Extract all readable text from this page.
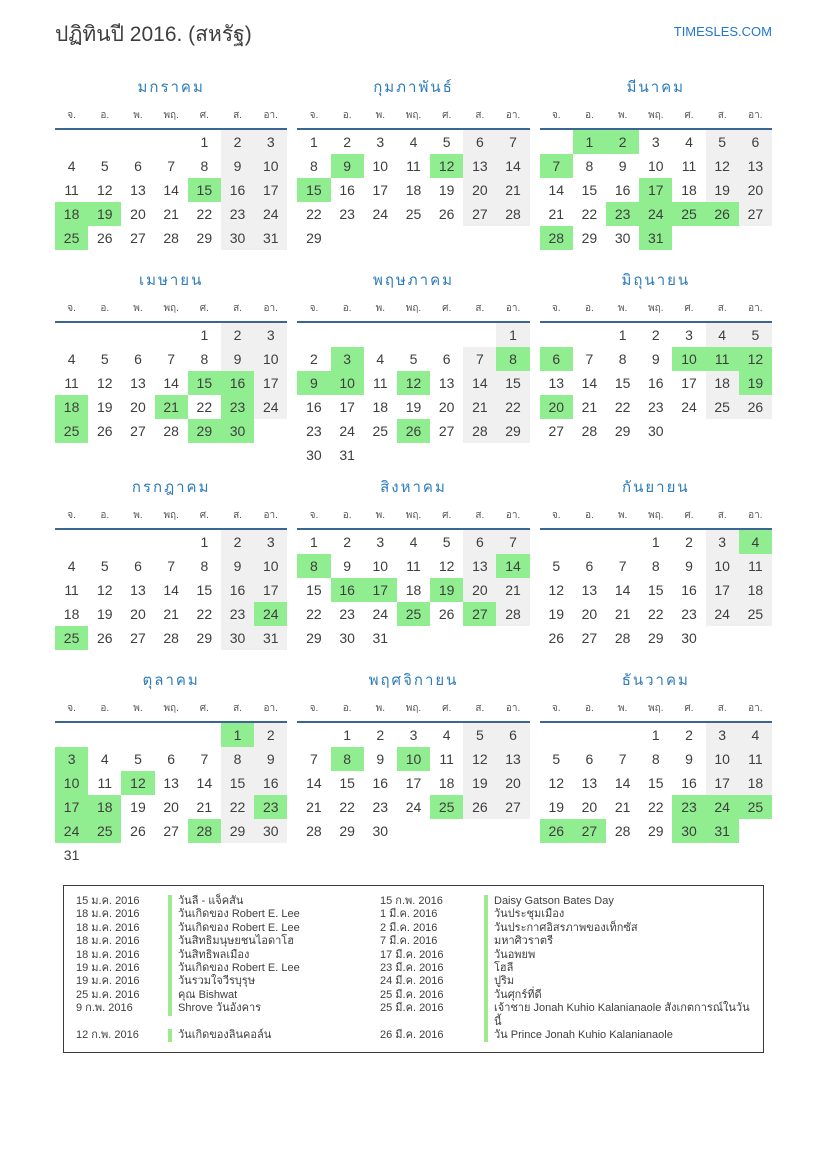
ปฏิทินปี 2016. (สหรัฐ)	TIMESLES.COM
มกราคม
จ.	อ.	พ.	พฤ.	ศ.	ส.	อา.
				1	2	3
4	5	6	7	8	9	10
11	12	13	14	15	16	17
18	19	20	21	22	23	24
25	26	27	28	29	30	31
กุมภาพันธ์
จ.	อ.	พ.	พฤ.	ศ.	ส.	อา.
1	2	3	4	5	6	7
8	9	10	11	12	13	14
15	16	17	18	19	20	21
22	23	24	25	26	27	28
29						
มีนาคม
จ.	อ.	พ.	พฤ.	ศ.	ส.	อา.
	1	2	3	4	5	6
7	8	9	10	11	12	13
14	15	16	17	18	19	20
21	22	23	24	25	26	27
28	29	30	31			
เมษายน
จ.	อ.	พ.	พฤ.	ศ.	ส.	อา.
				1	2	3
4	5	6	7	8	9	10
11	12	13	14	15	16	17
18	19	20	21	22	23	24
25	26	27	28	29	30	
พฤษภาคม
จ.	อ.	พ.	พฤ.	ศ.	ส.	อา.
						1
2	3	4	5	6	7	8
9	10	11	12	13	14	15
16	17	18	19	20	21	22
23	24	25	26	27	28	29
30	31					
มิถุนายน
จ.	อ.	พ.	พฤ.	ศ.	ส.	อา.
		1	2	3	4	5
6	7	8	9	10	11	12
13	14	15	16	17	18	19
20	21	22	23	24	25	26
27	28	29	30			
กรกฎาคม
จ.	อ.	พ.	พฤ.	ศ.	ส.	อา.
				1	2	3
4	5	6	7	8	9	10
11	12	13	14	15	16	17
18	19	20	21	22	23	24
25	26	27	28	29	30	31
สิงหาคม
จ.	อ.	พ.	พฤ.	ศ.	ส.	อา.
1	2	3	4	5	6	7
8	9	10	11	12	13	14
15	16	17	18	19	20	21
22	23	24	25	26	27	28
29	30	31				
กันยายน
จ.	อ.	พ.	พฤ.	ศ.	ส.	อา.
			1	2	3	4
5	6	7	8	9	10	11
12	13	14	15	16	17	18
19	20	21	22	23	24	25
26	27	28	29	30		
ตุลาคม
จ.	อ.	พ.	พฤ.	ศ.	ส.	อา.
					1	2
3	4	5	6	7	8	9
10	11	12	13	14	15	16
17	18	19	20	21	22	23
24	25	26	27	28	29	30
31						
พฤศจิกายน
จ.	อ.	พ.	พฤ.	ศ.	ส.	อา.
	1	2	3	4	5	6
7	8	9	10	11	12	13
14	15	16	17	18	19	20
21	22	23	24	25	26	27
28	29	30				
ธันวาคม
จ.	อ.	พ.	พฤ.	ศ.	ส.	อา.
			1	2	3	4
5	6	7	8	9	10	11
12	13	14	15	16	17	18
19	20	21	22	23	24	25
26	27	28	29	30	31	
15 ม.ค. 2016	วันลี - แจ็คสัน	15 ก.พ. 2016	Daisy Gatson Bates Day
18 ม.ค. 2016	วันเกิดของ Robert E. Lee	1 มี.ค. 2016	วันประชุมเมือง
18 ม.ค. 2016	วันเกิดของ Robert E. Lee	2 มี.ค. 2016	วันประกาศอิสรภาพของเท็กซัส
18 ม.ค. 2016	วันสิทธิมนุษยชนไอดาโฮ	7 มี.ค. 2016	มหาศิวราตรี
18 ม.ค. 2016	วันสิทธิพลเมือง	17 มี.ค. 2016	วันอพยพ
19 ม.ค. 2016	วันเกิดของ Robert E. Lee	23 มี.ค. 2016	โฮลี
19 ม.ค. 2016	วันรวมใจวีรบุรุษ	24 มี.ค. 2016	ปูริม
25 ม.ค. 2016	คุณ Bishwat	25 มี.ค. 2016	วันศุกร์ที่ดี
9 ก.พ. 2016	Shrove วันอังคาร	25 มี.ค. 2016	เจ้าชาย Jonah Kuhio Kalanianaole สังเกตการณ์ในวันนี้
12 ก.พ. 2016	วันเกิดของลินคอล์น	26 มี.ค. 2016	วัน Prince Jonah Kuhio Kalanianaole
